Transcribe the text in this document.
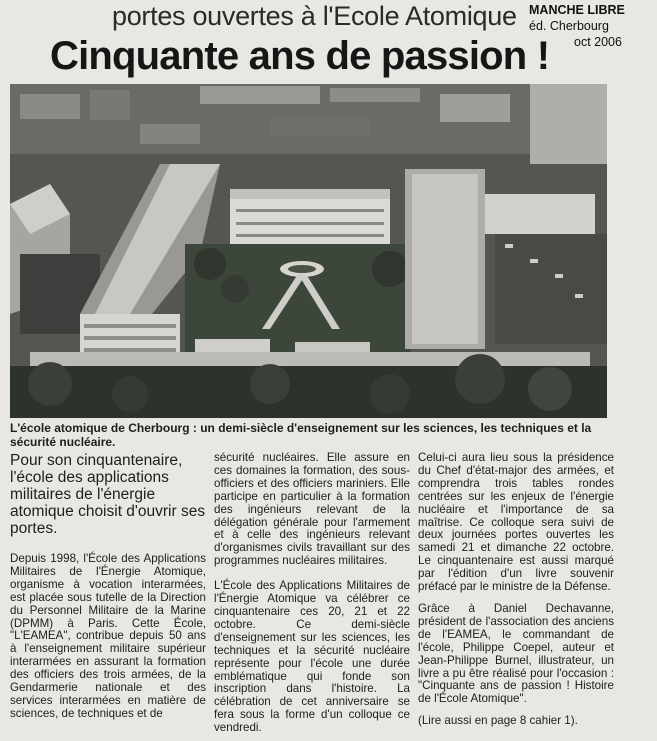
portes ouvertes à l'Ecole Atomique MANCHE LIBRE
éd. Cherbourg
oct 2006
Cinquante ans de passion !
L'école atomique de Cherbourg : un demi-siècle d'enseignement sur les sciences, les techniques et la sécurité nucléaire.

Pour son cinquantenaire, l'école des applications militaires de l'énergie atomique choisit d'ouvrir ses portes.

Depuis 1998, l'École des Applications Militaires de l'Énergie Atomique, organisme à vocation interarmées, est placée sous tutelle de la Direction du Personnel Militaire de la Marine (DPMM) à Paris. Cette École, "L'EAMEA", contribue depuis 50 ans à l'enseignement militaire supérieur interarmées en assurant la formation des officiers des trois armées, de la Gendarmerie nationale et des services interarmées en matière de sciences, de techniques et de

sécurité nucléaires. Elle assure en ces domaines la formation, des sous-officiers et des officiers mariniers. Elle participe en particulier à la formation des ingénieurs relevant de la délégation générale pour l'armement et à celle des ingénieurs relevant d'organismes civils travaillant sur des programmes nucléaires militaires.

L'École des Applications Militaires de l'Énergie Atomique va célébrer ce cinquantenaire ces 20, 21 et 22 octobre. Ce demi-siècle d'enseignement sur les sciences, les techniques et la sécurité nucléaire représente pour l'école une durée emblématique qui fonde son inscription dans l'histoire. La célébration de cet anniversaire se fera sous la forme d'un colloque ce vendredi.

Celui-ci aura lieu sous la présidence du Chef d'état-major des armées, et comprendra trois tables rondes centrées sur les enjeux de l'énergie nucléaire et l'importance de sa maîtrise. Ce colloque sera suivi de deux journées portes ouvertes les samedi 21 et dimanche 22 octobre. Le cinquantenaire est aussi marqué par l'édition d'un livre souvenir préfacé par le ministre de la Défense.

Grâce à Daniel Dechavanne, président de l'association des anciens de l'EAMEA, le commandant de l'école, Philippe Coepel, auteur et Jean-Philippe Burnel, illustrateur, un livre a pu être réalisé pour l'occasion : "Cinquante ans de passion ! Histoire de l'École Atomique".

(Lire aussi en page 8 cahier 1).
